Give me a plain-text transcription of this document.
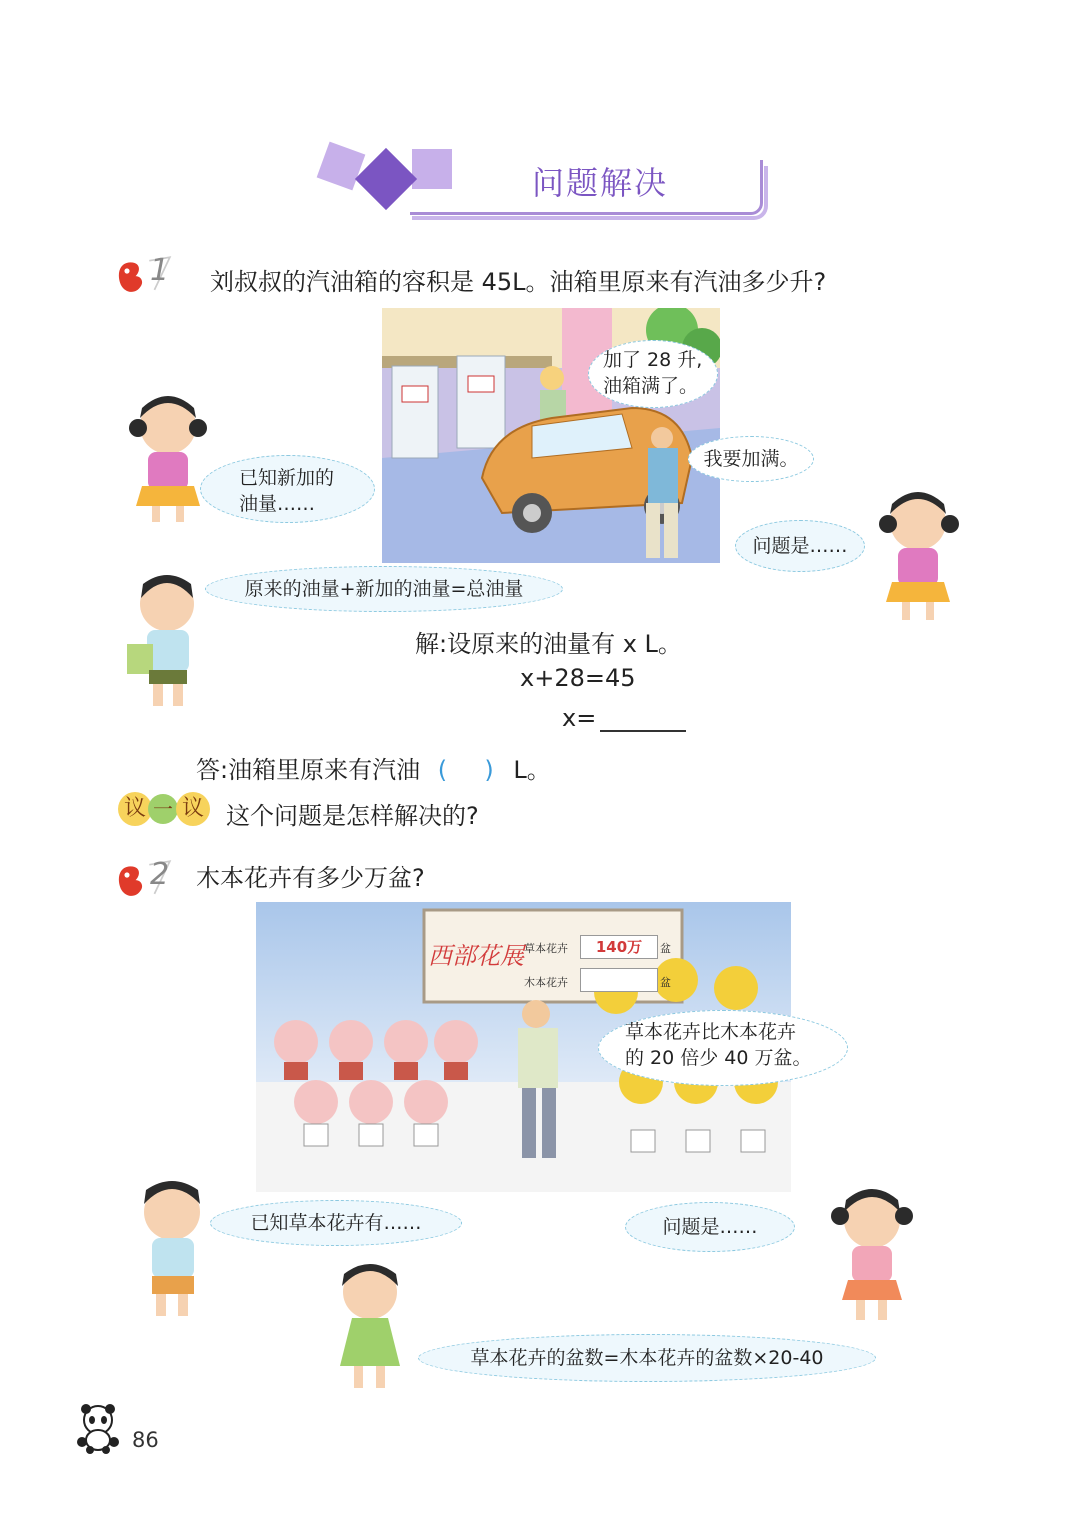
问题解决
1 刘叔叔的汽油箱的容积是 45L。油箱里原来有汽油多少升?
加了 28 升,
油箱满了。
我要加满。
已知新加的
油量……
问题是……
原来的油量+新加的油量=总油量
解:设原来的油量有 x L。
x+28=45
x=
答:油箱里原来有汽油 ( ) L。
议 一 议 这个问题是怎样解决的?
2 木本花卉有多少万盆?
西部花展 草本花卉	140万	盆
木本花卉	盆
草本花卉比木本花卉
的 20 倍少 40 万盆。
已知草本花卉有……	问题是……
草本花卉的盆数=木本花卉的盆数×20-40
86
